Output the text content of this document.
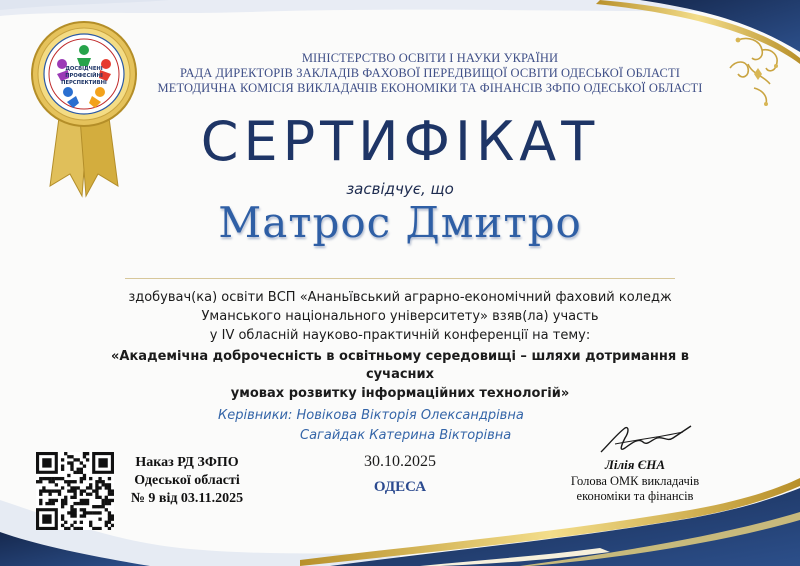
ДОСВІДЧЕНІ
ПРОФЕСІЙНІ
ПЕРСПЕКТИВНІ
МІНІСТЕРСТВО ОСВІТИ І НАУКИ УКРАЇНИ
РАДА ДИРЕКТОРІВ ЗАКЛАДІВ ФАХОВОЇ ПЕРЕДВИЩОЇ ОСВІТИ ОДЕСЬКОЇ ОБЛАСТІ
МЕТОДИЧНА КОМІСІЯ ВИКЛАДАЧІВ ЕКОНОМІКИ ТА ФІНАНСІВ ЗФПО ОДЕСЬКОЇ ОБЛАСТІ
СЕРТИФІКАТ
засвідчує, що
Матрос Дмитро
здобувач(ка) освіти ВСП «Ананьївський аграрно-економічний фаховий коледж
Уманського національного університету» взяв(ла) участь
у IV обласній науково-практичній конференції на тему:
«Академічна доброчесність в освітньому середовищі – шляхи дотримання в
сучасних
умовах розвитку інформаційних технологій»
Керівники: Новікова Вікторія Олександрівна
Сагайдак Катерина Вікторівна
30.10.2025
ОДЕСА
Наказ РД ЗФПО
Одеської області
№ 9 від 03.11.2025
Лілія ЄНА
Голова ОМК викладачів
економіки та фінансів
